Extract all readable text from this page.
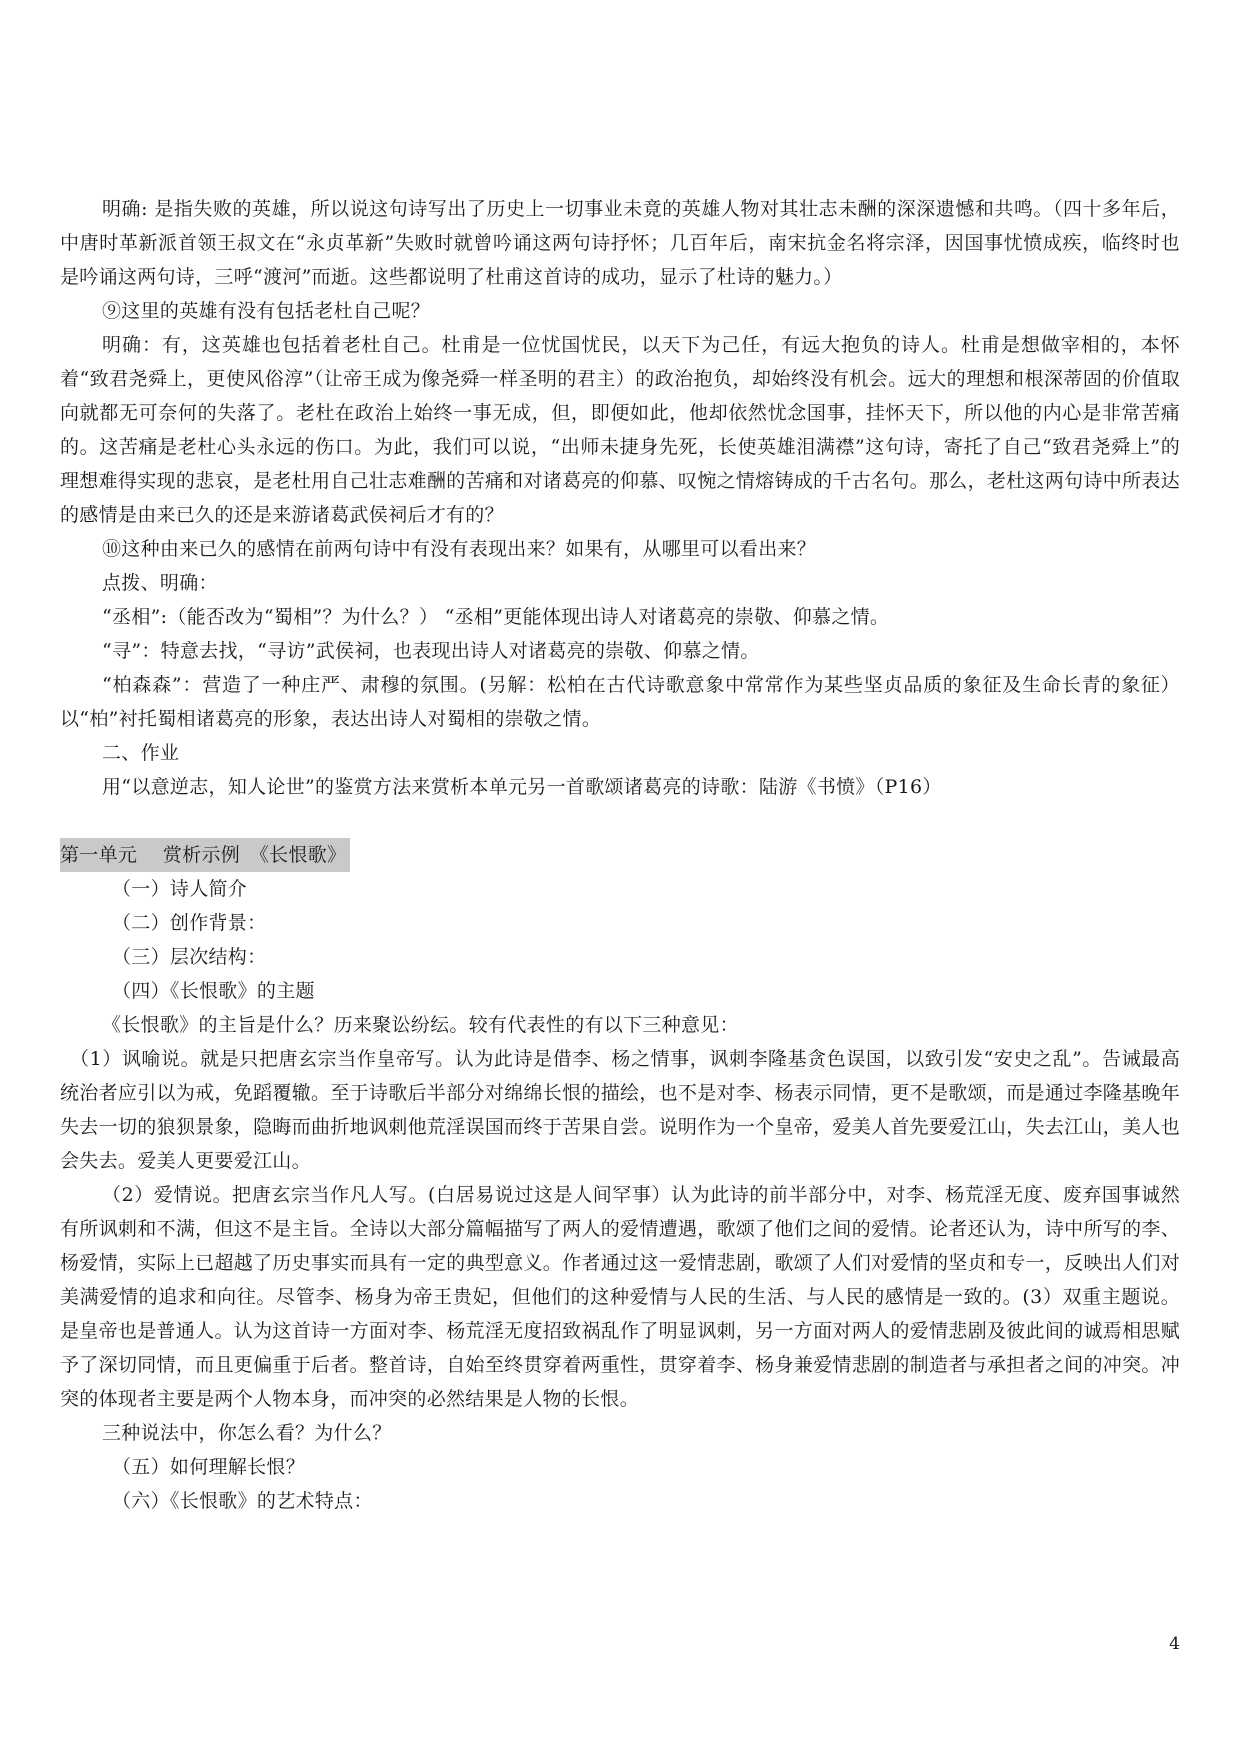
明确: 是指失败的英雄，所以说这句诗写出了历史上一切事业未竟的英雄人物对其壮志未酬的深深遗憾和共鸣。（四十多年后，中唐时革新派首领王叔文在“永贞革新”失败时就曾吟诵这两句诗抒怀；几百年后，南宋抗金名将宗泽，因国事忧愤成疾，临终时也是吟诵这两句诗，三呼“渡河”而逝。这些都说明了杜甫这首诗的成功，显示了杜诗的魅力。）

⑨这里的英雄有没有包括老杜自己呢？

明确：有，这英雄也包括着老杜自己。杜甫是一位忧国忧民，以天下为己任，有远大抱负的诗人。杜甫是想做宰相的，本怀着“致君尧舜上，更使风俗淳”（让帝王成为像尧舜一样圣明的君主）的政治抱负，却始终没有机会。远大的理想和根深蒂固的价值取向就都无可奈何的失落了。老杜在政治上始终一事无成，但，即便如此，他却依然忧念国事，挂怀天下，所以他的内心是非常苦痛的。这苦痛是老杜心头永远的伤口。为此，我们可以说，“出师未捷身先死，长使英雄泪满襟”这句诗，寄托了自己“致君尧舜上”的理想难得实现的悲哀，是老杜用自己壮志难酬的苦痛和对诸葛亮的仰慕、叹惋之情熔铸成的千古名句。那么，老杜这两句诗中所表达的感情是由来已久的还是来游诸葛武侯祠后才有的？

⑩这种由来已久的感情在前两句诗中有没有表现出来？如果有，从哪里可以看出来？

点拨、明确：

“丞相”:（能否改为“蜀相”？为什么？） “丞相”更能体现出诗人对诸葛亮的崇敬、仰慕之情。

“寻”：特意去找，“寻访”武侯祠，也表现出诗人对诸葛亮的崇敬、仰慕之情。

“柏森森”：营造了一种庄严、肃穆的氛围。(另解：松柏在古代诗歌意象中常常作为某些坚贞品质的象征及生命长青的象征）以“柏”衬托蜀相诸葛亮的形象，表达出诗人对蜀相的崇敬之情。

二、作业

用“以意逆志，知人论世”的鉴赏方法来赏析本单元另一首歌颂诸葛亮的诗歌：陆游《书愤》（P16）

第一单元　 赏析示例　《长恨歌》

（一）诗人简介

（二）创作背景：

（三）层次结构：

（四）《长恨歌》的主题

《长恨歌》的主旨是什么？历来聚讼纷纭。较有代表性的有以下三种意见：

（1）讽喻说。就是只把唐玄宗当作皇帝写。认为此诗是借李、杨之情事，讽刺李隆基贪色误国，以致引发“安史之乱”。告诫最高统治者应引以为戒，免蹈覆辙。至于诗歌后半部分对绵绵长恨的描绘，也不是对李、杨表示同情，更不是歌颂，而是通过李隆基晚年失去一切的狼狈景象，隐晦而曲折地讽刺他荒淫误国而终于苦果自尝。说明作为一个皇帝，爱美人首先要爱江山，失去江山，美人也会失去。爱美人更要爱江山。

（2）爱情说。把唐玄宗当作凡人写。(白居易说过这是人间罕事）认为此诗的前半部分中，对李、杨荒淫无度、废弃国事诚然有所讽刺和不满，但这不是主旨。全诗以大部分篇幅描写了两人的爱情遭遇，歌颂了他们之间的爱情。论者还认为，诗中所写的李、杨爱情，实际上已超越了历史事实而具有一定的典型意义。作者通过这一爱情悲剧，歌颂了人们对爱情的坚贞和专一，反映出人们对美满爱情的追求和向往。尽管李、杨身为帝王贵妃，但他们的这种爱情与人民的生活、与人民的感情是一致的。(3）双重主题说。是皇帝也是普通人。认为这首诗一方面对李、杨荒淫无度招致祸乱作了明显讽刺，另一方面对两人的爱情悲剧及彼此间的诚焉相思赋予了深切同情，而且更偏重于后者。整首诗，自始至终贯穿着两重性，贯穿着李、杨身兼爱情悲剧的制造者与承担者之间的冲突。冲突的体现者主要是两个人物本身，而冲突的必然结果是人物的长恨。

三种说法中，你怎么看？为什么？

（五）如何理解长恨？

（六）《长恨歌》的艺术特点：

4
